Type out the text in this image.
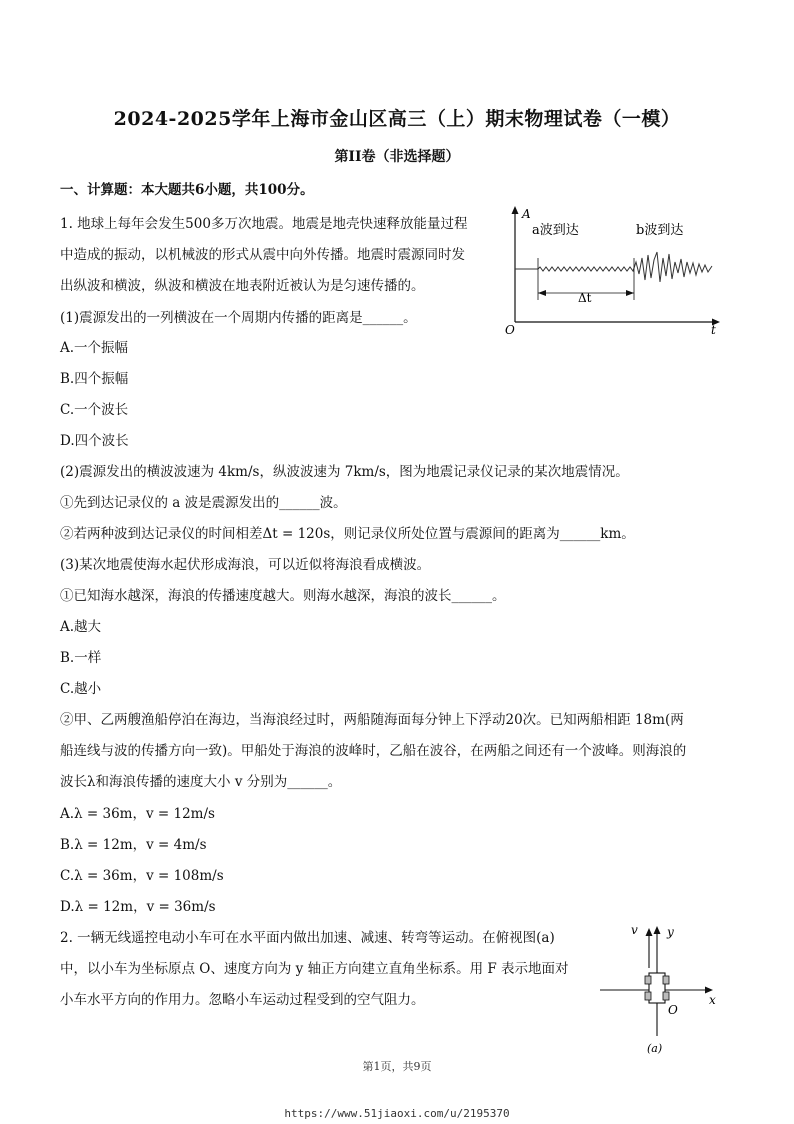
2024-2025学年上海市金山区高三（上）期末物理试卷（一模）
第II卷（非选择题）
一、计算题：本大题共6小题，共100分。
1. 地球上每年会发生500多万次地震。地震是地壳快速释放能量过程
中造成的振动，以机械波的形式从震中向外传播。地震时震源同时发
出纵波和横波，纵波和横波在地表附近被认为是匀速传播的。
(1)震源发出的一列横波在一个周期内传播的距离是______。
A.一个振幅
B.四个振幅
C.一个波长
D.四个波长
(2)震源发出的横波波速为 4km/s，纵波波速为 7km/s，图为地震记录仪记录的某次地震情况。
①先到达记录仪的 a 波是震源发出的______波。
②若两种波到达记录仪的时间相差Δt = 120s，则记录仪所处位置与震源间的距离为______km。
(3)某次地震使海水起伏形成海浪，可以近似将海浪看成横波。
①已知海水越深，海浪的传播速度越大。则海水越深，海浪的波长______。
A.越大
B.一样
C.越小
②甲、乙两艘渔船停泊在海边，当海浪经过时，两船随海面每分钟上下浮动20次。已知两船相距 18m(两
船连线与波的传播方向一致)。甲船处于海浪的波峰时，乙船在波谷，在两船之间还有一个波峰。则海浪的
波长λ和海浪传播的速度大小 v 分别为______。
A.λ = 36m，v = 12m/s
B.λ = 12m，v = 4m/s
C.λ = 36m，v = 108m/s
D.λ = 12m，v = 36m/s
A
t
O
Δt
a波到达	b波到达
2. 一辆无线遥控电动小车可在水平面内做出加速、减速、转弯等运动。在俯视图(a)
中，以小车为坐标原点 O、速度方向为 y 轴正方向建立直角坐标系。用 F 表示地面对
小车水平方向的作用力。忽略小车运动过程受到的空气阻力。
v y
x
O
(a)
第1页，共9页
https://www.51jiaoxi.com/u/2195370
